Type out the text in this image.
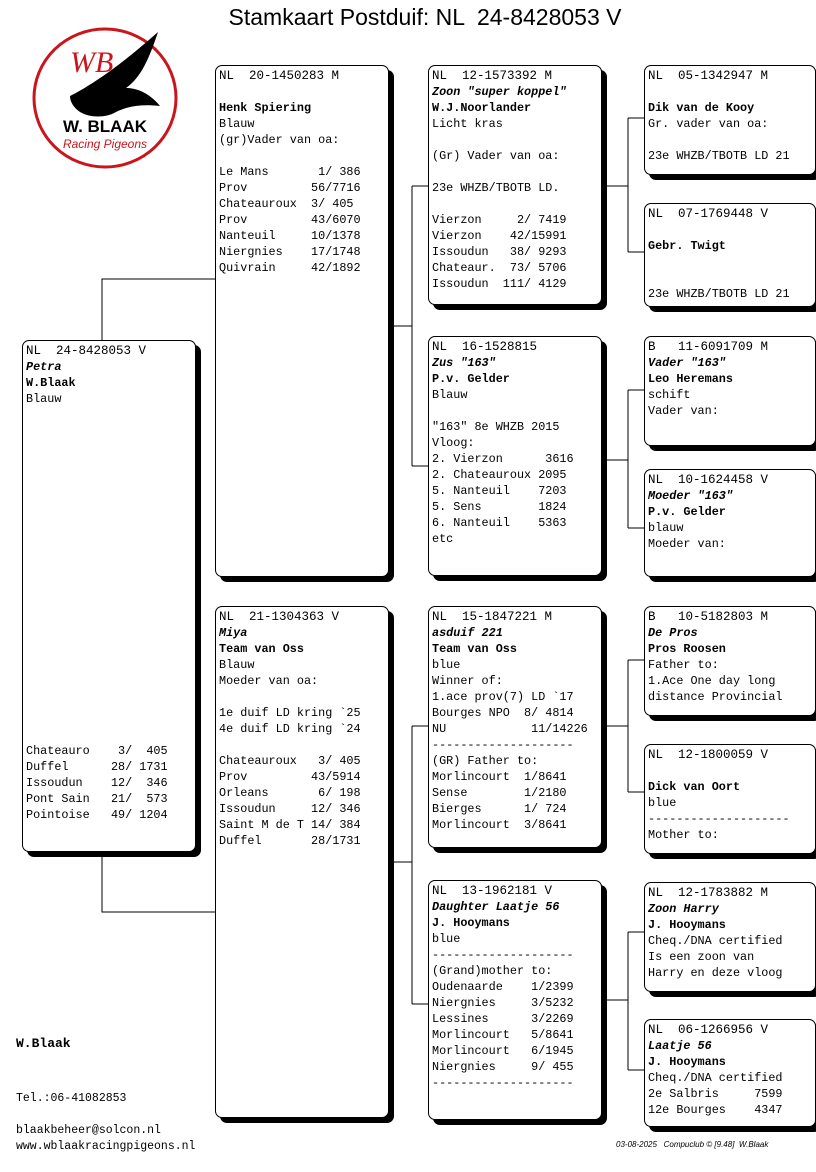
Stamkaart Postduif: NL  24-8428053 V
WB
W. BLAAK
Racing Pigeons
NL  24-8428053 V
Petra
W.Blaak
Blauw
Chateauro    3/  405
Duffel      28/ 1731
Issoudun    12/  346
Pont Sain   21/  573
Pointoise   49/ 1204
NL  20-1450283 M
Henk Spiering
Blauw
(gr)Vader van oa:
Le Mans       1/ 386
Prov         56/7716
Chateauroux  3/ 405
Prov         43/6070
Nanteuil     10/1378
Niergnies    17/1748
Quivrain     42/1892
NL  21-1304363 V
Miya
Team van Oss
Blauw
Moeder van oa:
1e duif LD kring `25
4e duif LD kring `24
Chateauroux   3/ 405
Prov         43/5914
Orleans       6/ 198
Issoudun     12/ 346
Saint M de T 14/ 384
Duffel       28/1731
NL  12-1573392 M
Zoon "super koppel"
W.J.Noorlander
Licht kras
(Gr) Vader van oa:
23e WHZB/TBOTB LD.
Vierzon     2/ 7419
Vierzon    42/15991
Issoudun   38/ 9293
Chateaur.  73/ 5706
Issoudun  111/ 4129
NL  16-1528815
Zus "163"
P.v. Gelder
Blauw
"163" 8e WHZB 2015
Vloog:
2. Vierzon      3616
2. Chateauroux 2095
5. Nanteuil    7203
5. Sens        1824
6. Nanteuil    5363
etc
NL  15-1847221 M
asduif 221
Team van Oss
blue
Winner of:
1.ace prov(7) LD `17
Bourges NPO  8/ 4814
NU            11/14226
--------------------
(GR) Father to:
Morlincourt  1/8641
Sense        1/2180
Bierges      1/ 724
Morlincourt  3/8641
NL  13-1962181 V
Daughter Laatje 56
J. Hooymans
blue
--------------------
(Grand)mother to:
Oudenaarde    1/2399
Niergnies     3/5232
Lessines      3/2269
Morlincourt   5/8641
Morlincourt   6/1945
Niergnies     9/ 455
--------------------
NL  05-1342947 M
Dik van de Kooy
Gr. vader van oa:
23e WHZB/TBOTB LD 21
NL  07-1769448 V
Gebr. Twigt
23e WHZB/TBOTB LD 21
B   11-6091709 M
Vader "163"
Leo Heremans
schift
Vader van:
NL  10-1624458 V
Moeder "163"
P.v. Gelder
blauw
Moeder van:
B   10-5182803 M
De Pros
Pros Roosen
Father to:
1.Ace One day long
distance Provincial
NL  12-1800059 V
Dick van Oort
blue
--------------------
Mother to:
NL  12-1783882 M
Zoon Harry
J. Hooymans
Cheq./DNA certified
Is een zoon van
Harry en deze vloog
NL  06-1266956 V
Laatje 56
J. Hooymans
Cheq./DNA certified
2e Salbris     7599
12e Bourges    4347
W.Blaak
Tel.:06-41082853
blaakbeheer@solcon.nl
www.wblaakracingpigeons.nl	03-08-2025   Compuclub © [9.48]  W.Blaak
